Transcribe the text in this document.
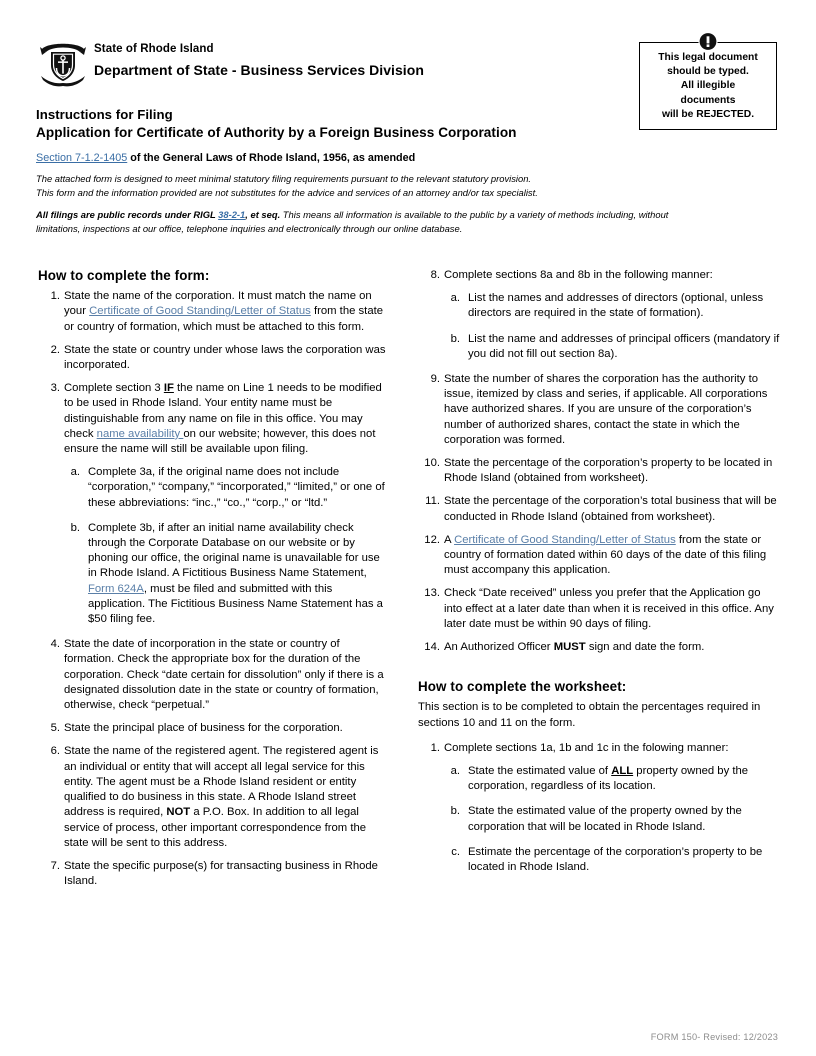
State of Rhode Island
Department of State - Business Services Division

This legal document

should be typed.

All illegible

documents

will be REJECTED.

Instructions for Filing
Application for Certificate of Authority by a Foreign Business Corporation
Section 7-1.2-1405 of the General Laws of Rhode Island, 1956, as amended
The attached form is designed to meet minimal statutory filing requirements pursuant to the relevant statutory provision.
This form and the information provided are not substitutes for the advice and services of an attorney and/or tax specialist.
All filings are public records under RIGL 38-2-1, et seq. This means all information is available to the public by a variety of methods including, without limitations, inspections at our office, telephone inquiries and electronically through our online database.
How to complete the form:
1. State the name of the corporation. It must match the name on your Certificate of Good Standing/Letter of Status from the state or country of formation, which must be attached to this form.
2. State the state or country under whose laws the corporation was incorporated.
3. Complete section 3 IF the name on Line 1 needs to be modified to be used in Rhode Island. Your entity name must be distinguishable from any name on file in this office. You may check name availability on our website; however, this does not ensure the name will still be available upon filing.
a. Complete 3a, if the original name does not include “corporation,” “company,” “incorporated,” “limited,” or one of these abbreviations: “inc.,” “co.,” “corp.,” or “ltd.”
b. Complete 3b, if after an initial name availability check through the Corporate Database on our website or by phoning our office, the original name is unavailable for use in Rhode Island. A Fictitious Business Name Statement, Form 624A, must be filed and submitted with this application. The Fictitious Business Name Statement has a $50 filing fee.
4. State the date of incorporation in the state or country of formation. Check the appropriate box for the duration of the corporation. Check “date certain for dissolution” only if there is a designated dissolution date in the state or country of formation, otherwise, check “perpetual.”
5. State the principal place of business for the corporation.
6. State the name of the registered agent. The registered agent is an individual or entity that will accept all legal service for this entity. The agent must be a Rhode Island resident or entity qualified to do business in this state. A Rhode Island street address is required, NOT a P.O. Box. In addition to all legal service of process, other important correspondence from the state will be sent to this address.
7. State the specific purpose(s) for transacting business in Rhode Island.
8. Complete sections 8a and 8b in the following manner:
a. List the names and addresses of directors (optional, unless directors are required in the state of formation).
b. List the name and addresses of principal officers (mandatory if you did not fill out section 8a).
9. State the number of shares the corporation has the authority to issue, itemized by class and series, if applicable. All corporations have authorized shares. If you are unsure of the corporation’s number of authorized shares, contact the state in which the corporation was formed.
10. State the percentage of the corporation’s property to be located in Rhode Island (obtained from worksheet).
11. State the percentage of the corporation’s total business that will be conducted in Rhode Island (obtained from worksheet).
12. A Certificate of Good Standing/Letter of Status from the state or country of formation dated within 60 days of the date of this filing must accompany this application.
13. Check “Date received” unless you prefer that the Application go into effect at a later date than when it is received in this office. Any later date must be within 90 days of filing.
14. An Authorized Officer MUST sign and date the form.
How to complete the worksheet:

This section is to be completed to obtain the percentages required in sections 10 and 11 on the form.

1. Complete sections 1a, 1b and 1c in the folowing manner:
a. State the estimated value of ALL property owned by the corporation, regardless of its location.
b. State the estimated value of the property owned by the corporation that will be located in Rhode Island.
c. Estimate the percentage of the corporation’s property to be located in Rhode Island.
FORM 150- Revised: 12/2023
